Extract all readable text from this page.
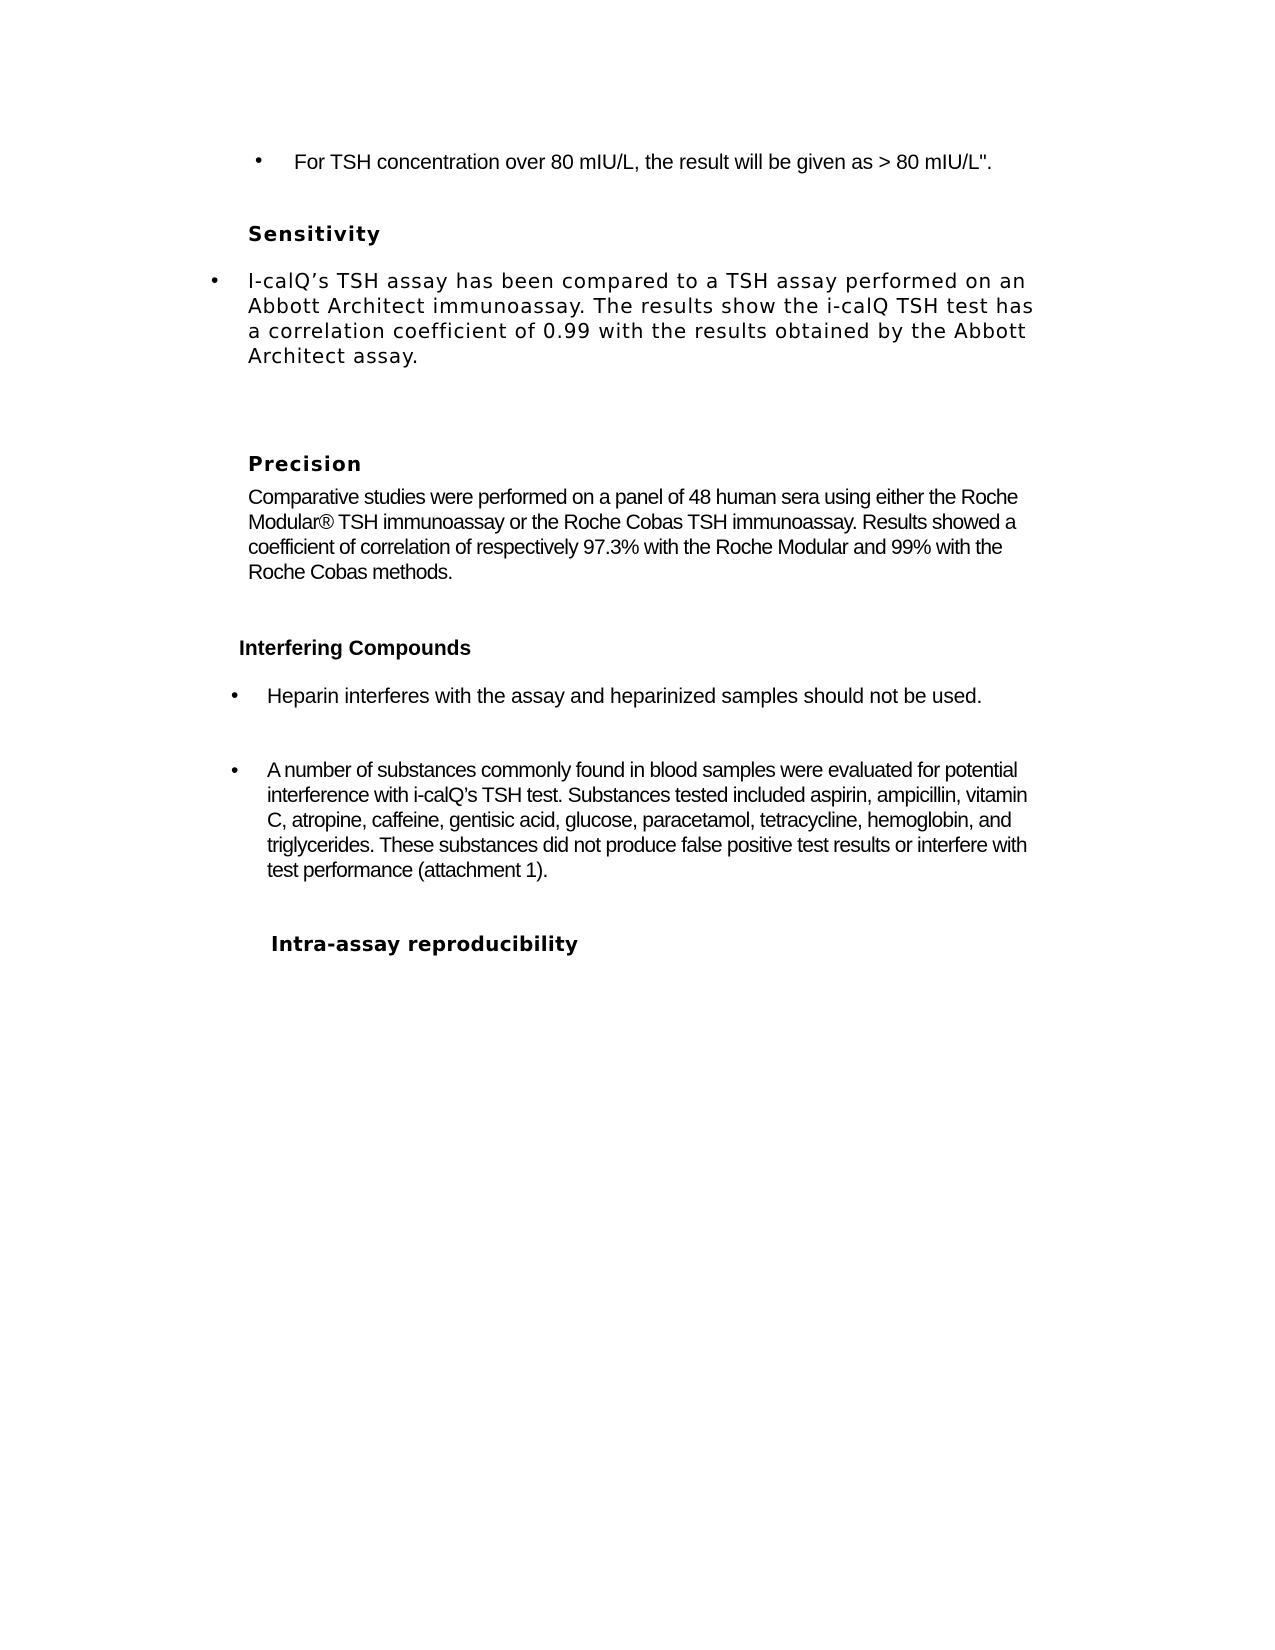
• For TSH concentration over 80 mIU/L, the result will be given as > 80 mIU/L".

Sensitivity
• I-calQ’s TSH assay has been compared to a TSH assay performed on an Abbott Architect immunoassay. The results show the i-calQ TSH test has a correlation coefficient of 0.99 with the results obtained by the Abbott Architect assay.

Precision

Comparative studies were performed on a panel of 48 human sera using either the Roche Modular® TSH immunoassay or the Roche Cobas TSH immunoassay. Results showed a coefficient of correlation of respectively 97.3% with the Roche Modular and 99% with the Roche Cobas methods.

Interfering Compounds
• Heparin interferes with the assay and heparinized samples should not be used.

• A number of substances commonly found in blood samples were evaluated for potential interference with i-calQ’s TSH test. Substances tested included aspirin, ampicillin, vitamin C, atropine, caffeine, gentisic acid, glucose, paracetamol, tetracycline, hemoglobin, and triglycerides. These substances did not produce false positive test results or interfere with test performance (attachment 1).

Intra-assay reproducibility
